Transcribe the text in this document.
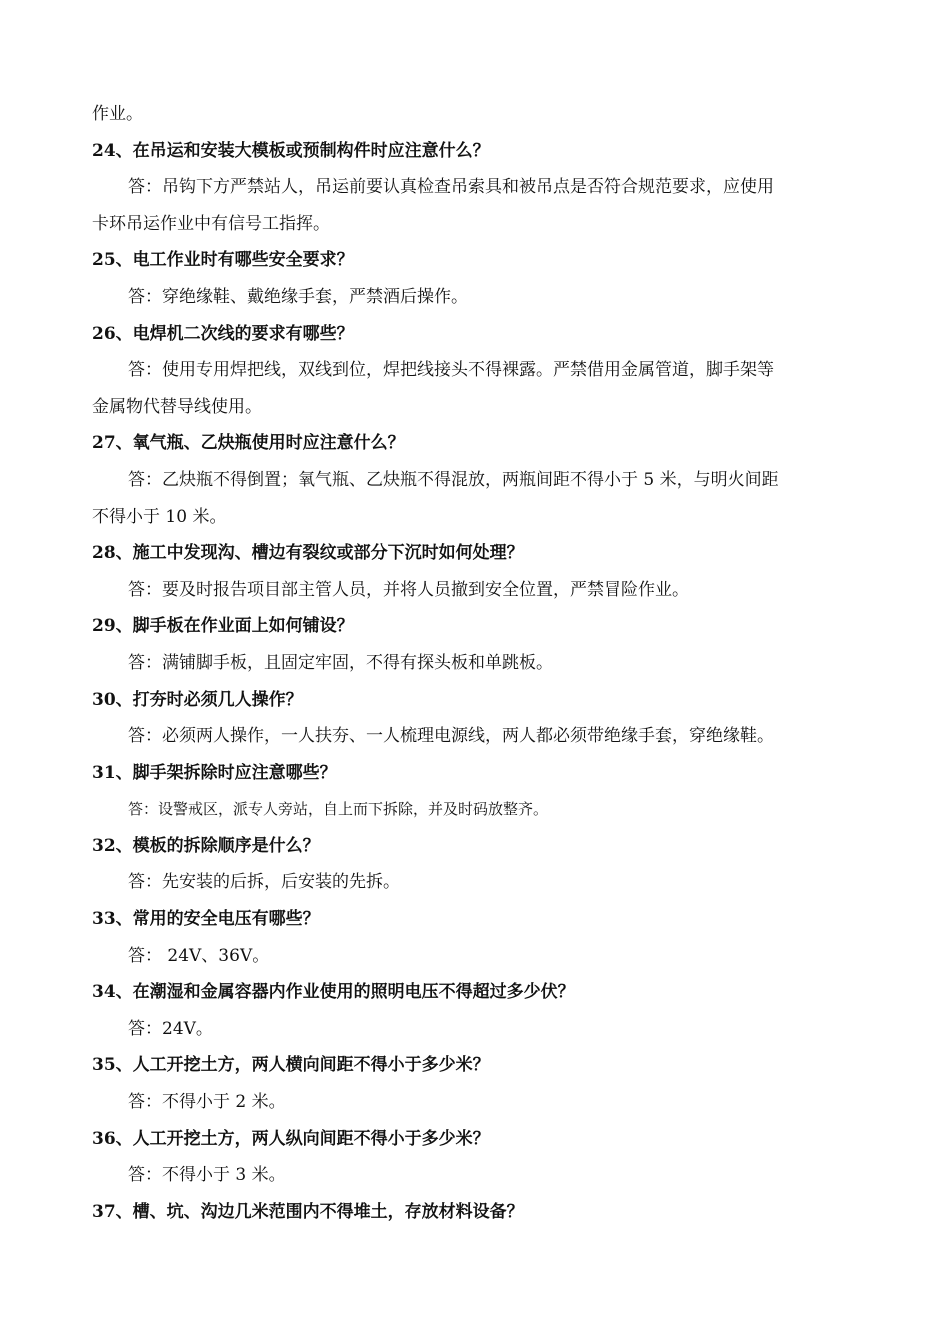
作业。
24、在吊运和安装大模板或预制构件时应注意什么？
答：吊钩下方严禁站人，吊运前要认真检查吊索具和被吊点是否符合规范要求，应使用
卡环吊运作业中有信号工指挥。
25、电工作业时有哪些安全要求？
答：穿绝缘鞋、戴绝缘手套，严禁酒后操作。
26、电焊机二次线的要求有哪些？
答：使用专用焊把线，双线到位，焊把线接头不得裸露。严禁借用金属管道，脚手架等
金属物代替导线使用。
27、氧气瓶、乙炔瓶使用时应注意什么？
答：乙炔瓶不得倒置；氧气瓶、乙炔瓶不得混放，两瓶间距不得小于 5 米，与明火间距
不得小于 10 米。
28、施工中发现沟、槽边有裂纹或部分下沉时如何处理？
答：要及时报告项目部主管人员，并将人员撤到安全位置，严禁冒险作业。
29、脚手板在作业面上如何铺设？
答：满铺脚手板，且固定牢固，不得有探头板和单跳板。
30、打夯时必须几人操作？
答：必须两人操作，一人扶夯、一人梳理电源线，两人都必须带绝缘手套，穿绝缘鞋。
31、脚手架拆除时应注意哪些？
答：设警戒区，派专人旁站，自上而下拆除，并及时码放整齐。
32、模板的拆除顺序是什么？
答：先安装的后拆，后安装的先拆。
33、常用的安全电压有哪些？
答： 24V、36V。
34、在潮湿和金属容器内作业使用的照明电压不得超过多少伏？
答：24V。
35、人工开挖土方，两人横向间距不得小于多少米？
答：不得小于 2 米。
36、人工开挖土方，两人纵向间距不得小于多少米？
答：不得小于 3 米。
37、槽、坑、沟边几米范围内不得堆土，存放材料设备？
